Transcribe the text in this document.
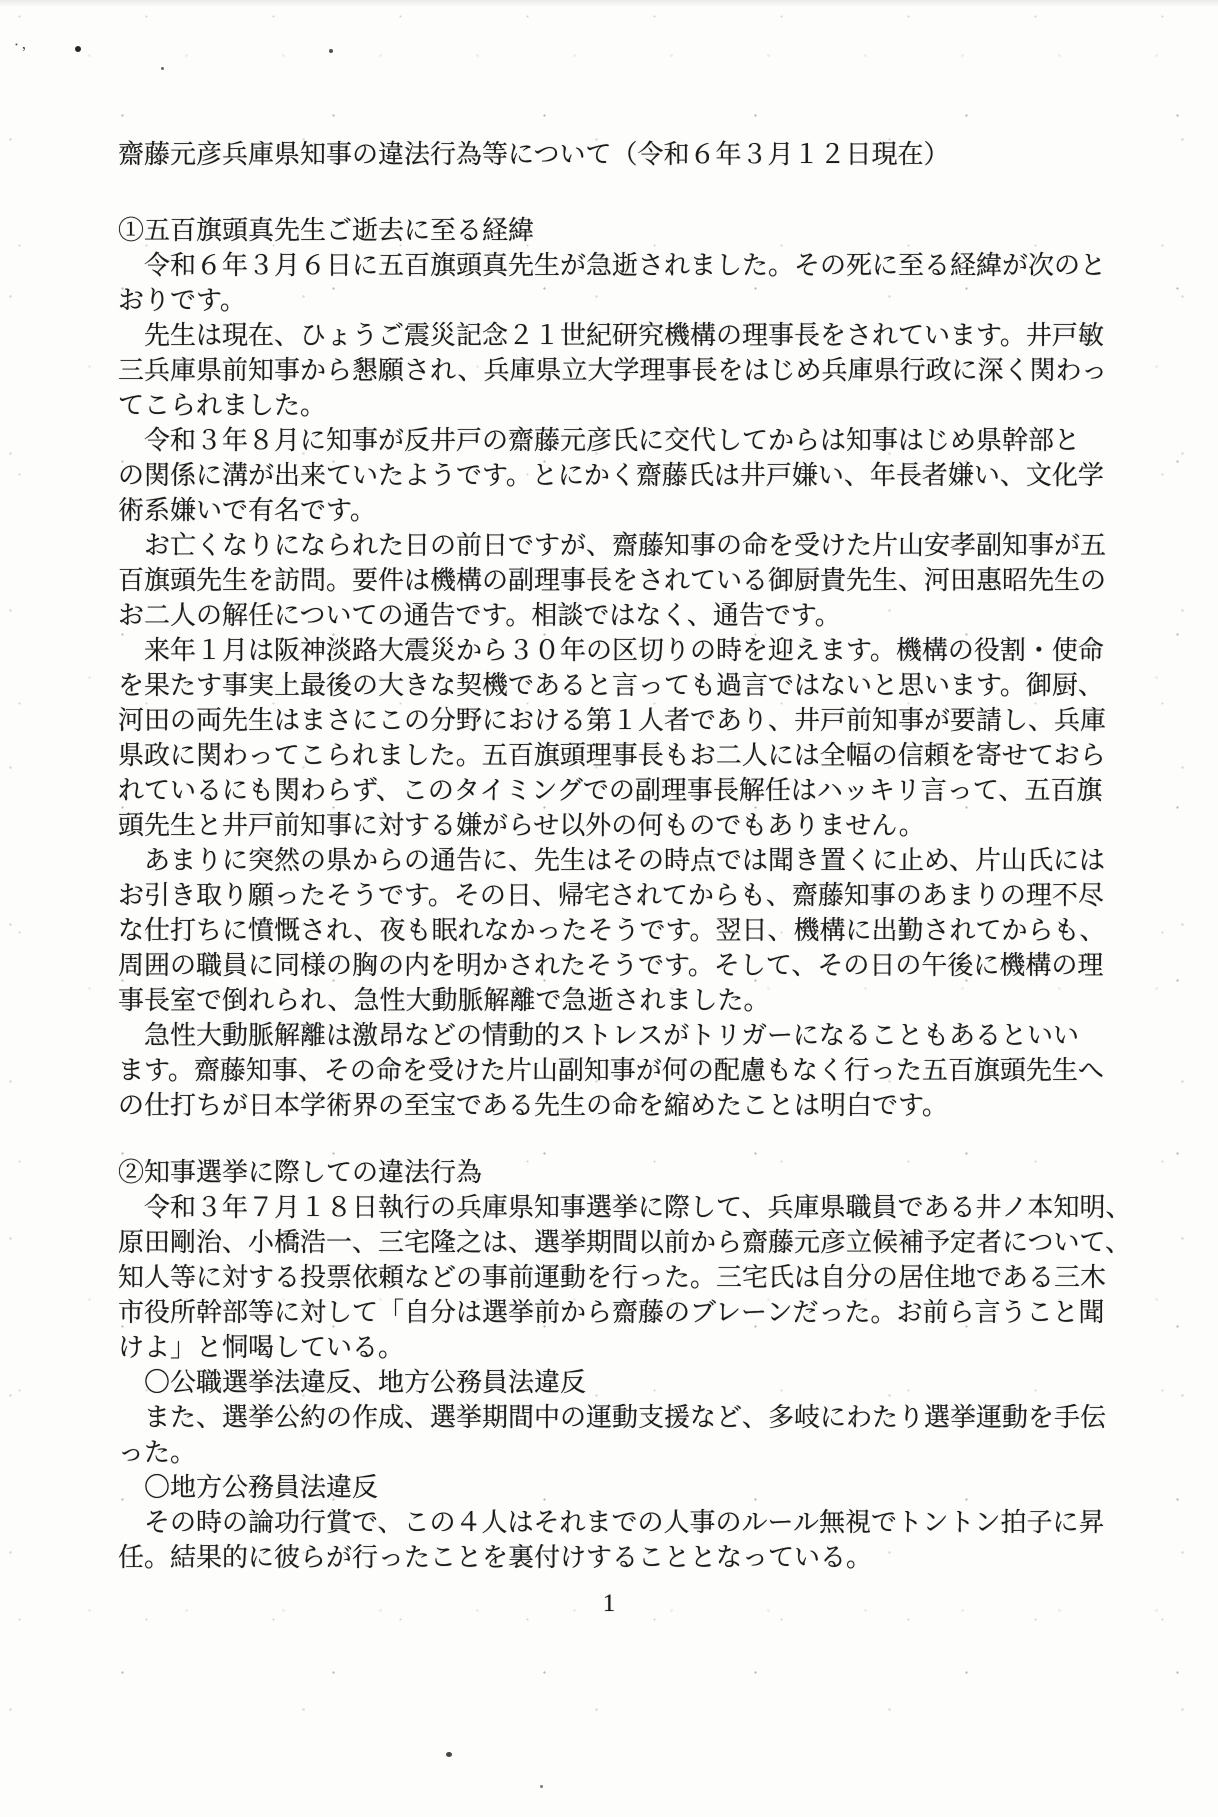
·,
齋藤元彦兵庫県知事の違法行為等について（令和６年３月１２日現在）
①五百旗頭真先生ご逝去に至る経緯
　令和６年３月６日に五百旗頭真先生が急逝されました。その死に至る経緯が次のと
おりです。
　先生は現在、ひょうご震災記念２１世紀研究機構の理事長をされています。井戸敏
三兵庫県前知事から懇願され、兵庫県立大学理事長をはじめ兵庫県行政に深く関わっ
てこられました。
　令和３年８月に知事が反井戸の齋藤元彦氏に交代してからは知事はじめ県幹部と
の関係に溝が出来ていたようです。とにかく齋藤氏は井戸嫌い、年長者嫌い、文化学
術系嫌いで有名です。
　お亡くなりになられた日の前日ですが、齋藤知事の命を受けた片山安孝副知事が五
百旗頭先生を訪問。要件は機構の副理事長をされている御厨貴先生、河田惠昭先生の
お二人の解任についての通告です。相談ではなく、通告です。
　来年１月は阪神淡路大震災から３０年の区切りの時を迎えます。機構の役割・使命
を果たす事実上最後の大きな契機であると言っても過言ではないと思います。御厨、
河田の両先生はまさにこの分野における第１人者であり、井戸前知事が要請し、兵庫
県政に関わってこられました。五百旗頭理事長もお二人には全幅の信頼を寄せておら
れているにも関わらず、このタイミングでの副理事長解任はハッキリ言って、五百旗
頭先生と井戸前知事に対する嫌がらせ以外の何ものでもありません。
　あまりに突然の県からの通告に、先生はその時点では聞き置くに止め、片山氏には
お引き取り願ったそうです。その日、帰宅されてからも、齋藤知事のあまりの理不尽
な仕打ちに憤慨され、夜も眠れなかったそうです。翌日、機構に出勤されてからも、
周囲の職員に同様の胸の内を明かされたそうです。そして、その日の午後に機構の理
事長室で倒れられ、急性大動脈解離で急逝されました。
　急性大動脈解離は激昂などの情動的ストレスがトリガーになることもあるといい
ます。齋藤知事、その命を受けた片山副知事が何の配慮もなく行った五百旗頭先生へ
の仕打ちが日本学術界の至宝である先生の命を縮めたことは明白です。
②知事選挙に際しての違法行為
　令和３年７月１８日執行の兵庫県知事選挙に際して、兵庫県職員である井ノ本知明、
原田剛治、小橋浩一、三宅隆之は、選挙期間以前から齋藤元彦立候補予定者について、
知人等に対する投票依頼などの事前運動を行った。三宅氏は自分の居住地である三木
市役所幹部等に対して「自分は選挙前から齋藤のブレーンだった。お前ら言うこと聞
けよ」と恫喝している。
　〇公職選挙法違反、地方公務員法違反
　また、選挙公約の作成、選挙期間中の運動支援など、多岐にわたり選挙運動を手伝
った。
　〇地方公務員法違反
　その時の論功行賞で、この４人はそれまでの人事のルール無視でトントン拍子に昇
任。結果的に彼らが行ったことを裏付けすることとなっている。
1
